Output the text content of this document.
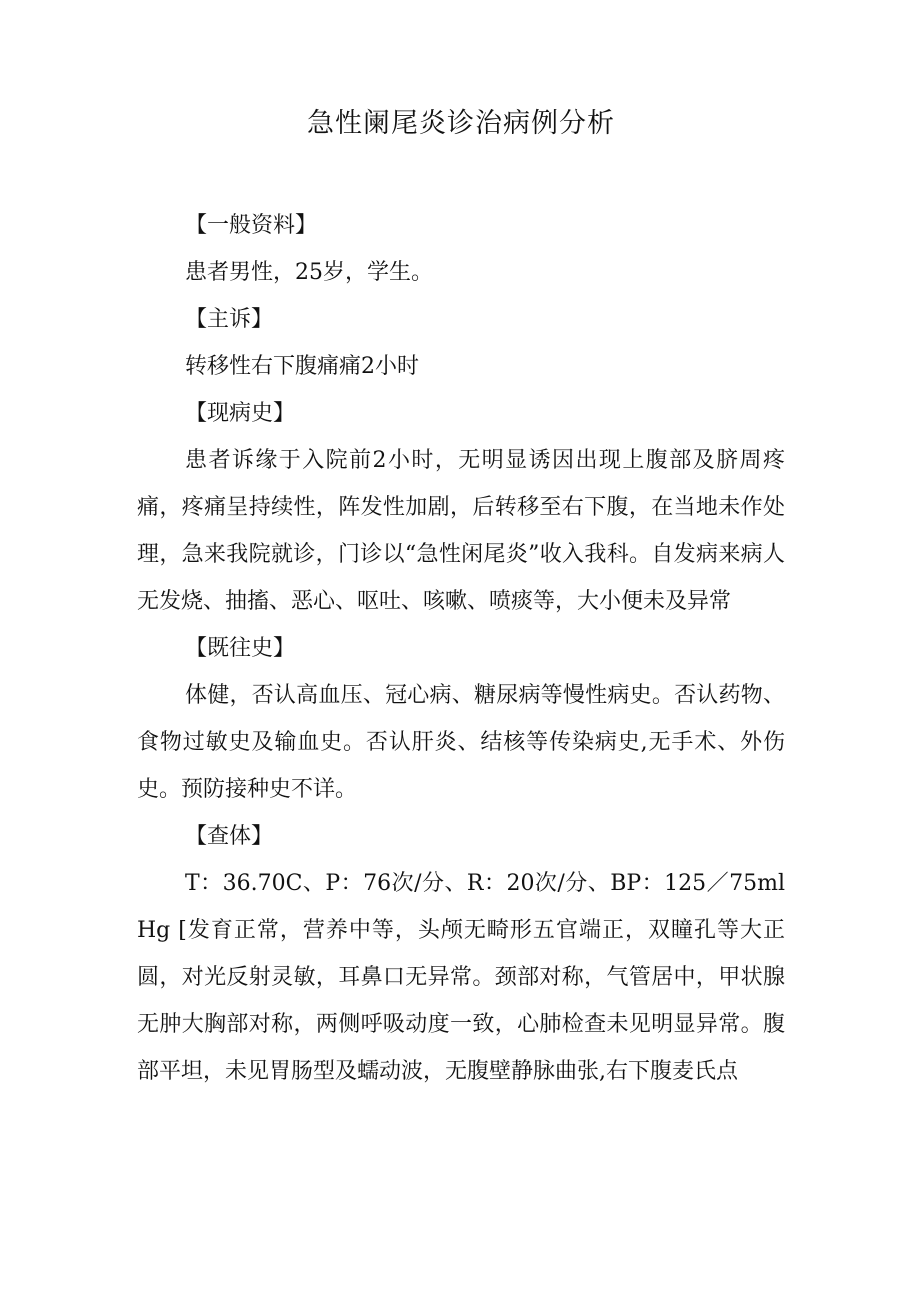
急性阑尾炎诊治病例分析

【一般资料】

患者男性，25岁，学生。

【主诉】

转移性右下腹痛痛2小时

【现病史】

患者诉缘于入院前2小时，无明显诱因出现上腹部及脐周疼痛，疼痛呈持续性，阵发性加剧，后转移至右下腹，在当地未作处理，急来我院就诊，门诊以“急性闲尾炎”收入我科。自发病来病人无发烧、抽搐、恶心、呕吐、咳嗽、喷痰等，大小便未及异常

【既往史】

体健，否认高血压、冠心病、糖尿病等慢性病史。否认药物、食物过敏史及输血史。否认肝炎、结核等传染病史,无手术、外伤史。预防接种史不详。

【查体】

T：36.70C、P：76次/分、R：20次/分、BP：125／75mlHg [发育正常，营养中等，头颅无畸形五官端正，双瞳孔等大正圆，对光反射灵敏，耳鼻口无异常。颈部对称，气管居中，甲状腺无肿大胸部对称，两侧呼吸动度一致，心肺检查未见明显异常。腹部平坦，未见胃肠型及蠕动波，无腹壁静脉曲张,右下腹麦氏点
